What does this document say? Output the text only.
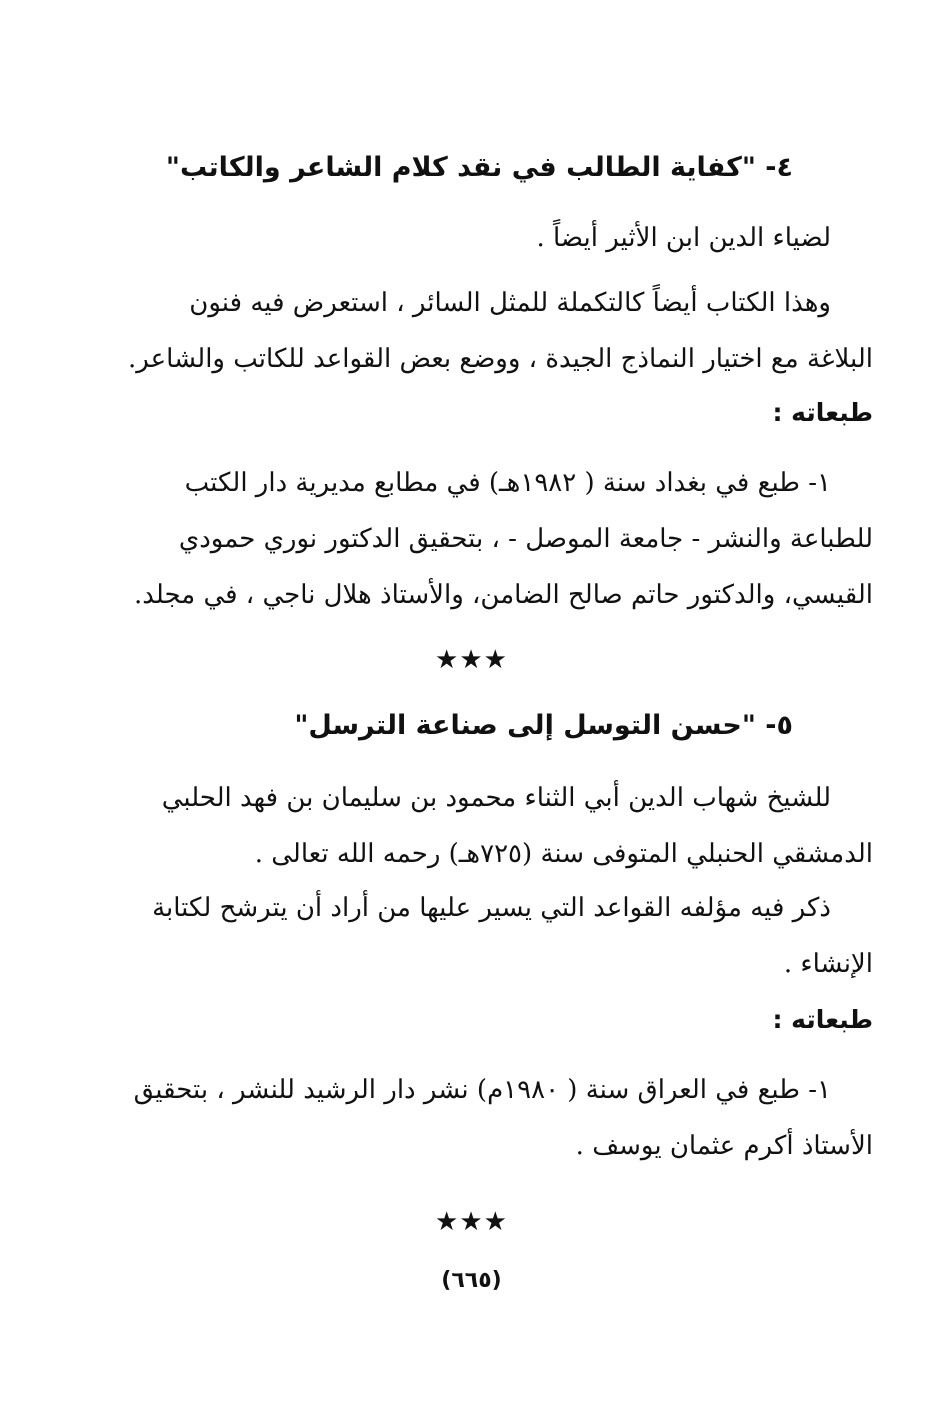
٤- "كفاية الطالب في نقد كلام الشاعر والكاتب"
لضياء الدين ابن الأثير أيضاً .
وهذا الكتاب أيضاً كالتكملة للمثل السائر ، استعرض فيه فنون
البلاغة مع اختيار النماذج الجيدة ، ووضع بعض القواعد للكاتب والشاعر.
طبعاته :
١- طبع في بغداد سنة ( ١٩٨٢هـ) في مطابع مديرية دار الكتب
للطباعة والنشر - جامعة الموصل - ، بتحقيق الدكتور نوري حمودي
القيسي، والدكتور حاتم صالح الضامن، والأستاذ هلال ناجي ، في مجلد.
★★★
٥- "حسن التوسل إلى صناعة الترسل"
للشيخ شهاب الدين أبي الثناء محمود بن سليمان بن فهد الحلبي
الدمشقي الحنبلي المتوفى سنة (٧٢٥هـ) رحمه الله تعالى .
ذكر فيه مؤلفه القواعد التي يسير عليها من أراد أن يترشح لكتابة
الإنشاء .
طبعاته :
١- طبع في العراق سنة ( ١٩٨٠م) نشر دار الرشيد للنشر ، بتحقيق
الأستاذ أكرم عثمان يوسف .
★★★
(٦٦٥)
